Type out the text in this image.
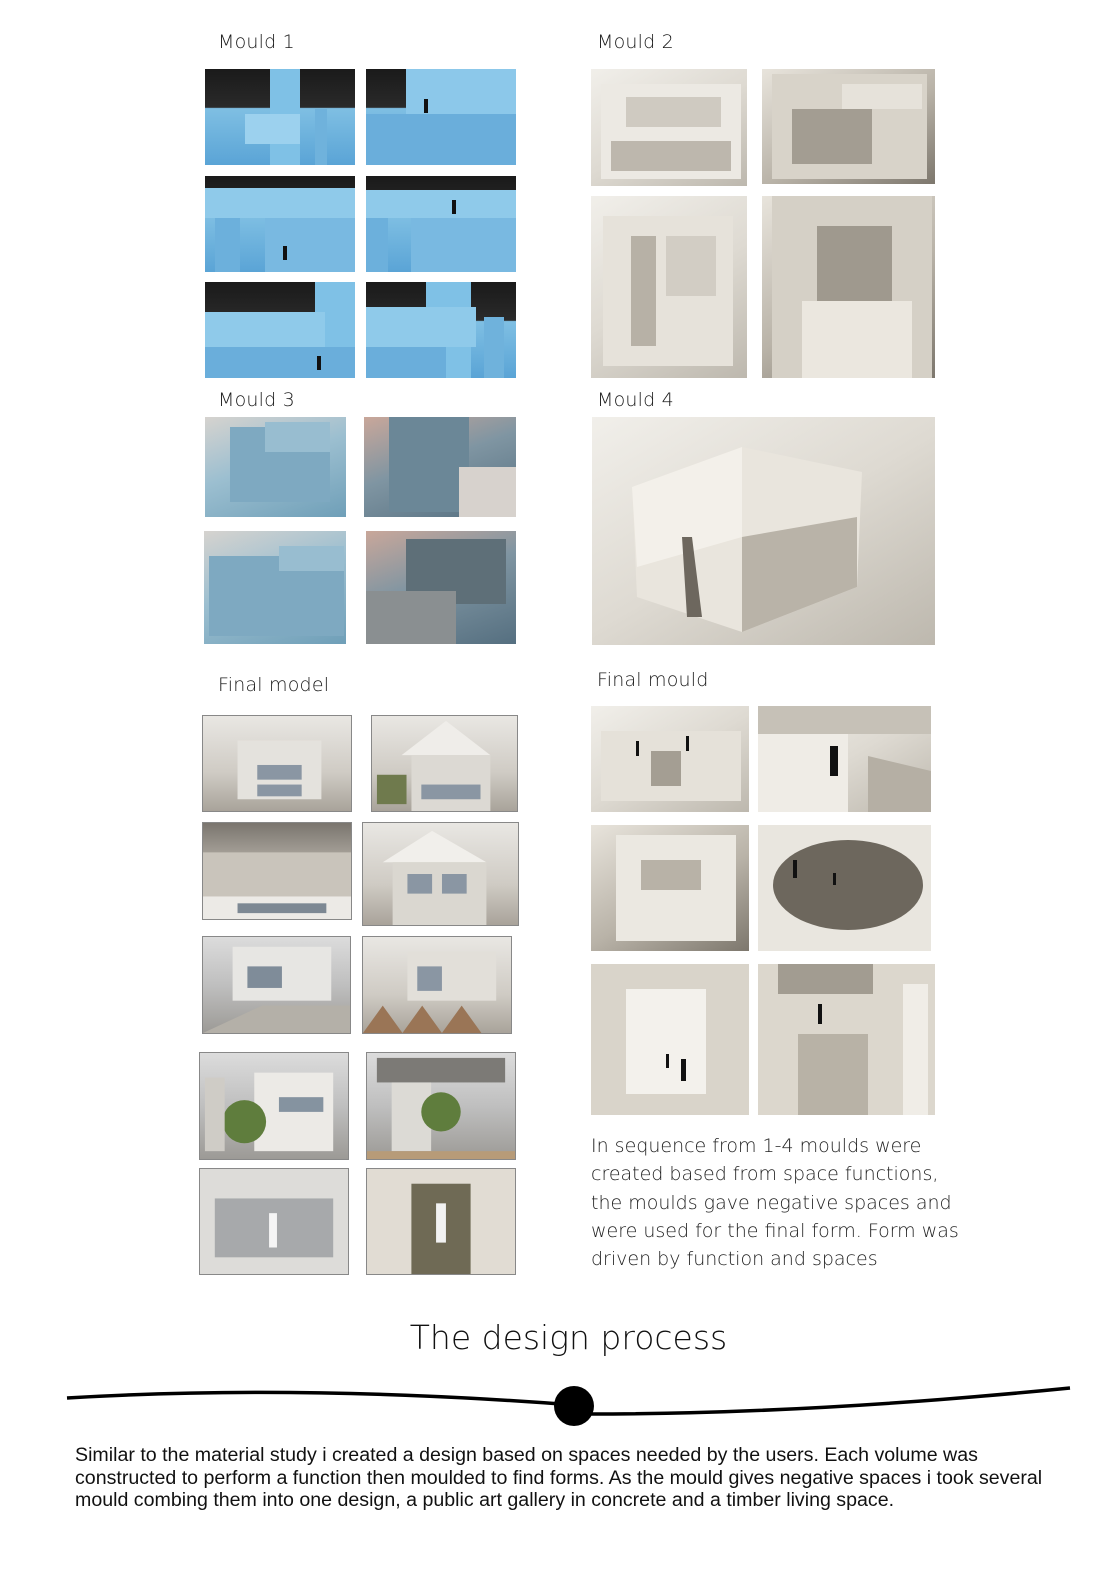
Mould 1	Mould 2
Mould 3	Mould 4
Final model	Final mould
In sequence from 1-4 moulds were created based from space functions, the moulds gave negative spaces and were used for the final form. Form was driven by function and spaces
The design process
Similar to the material study i created a design based on spaces needed by the users. Each volume was constructed to perform a function then moulded to find forms. As the mould gives negative spaces i took several mould combing them into one design, a public art gallery in concrete and a timber living space.
